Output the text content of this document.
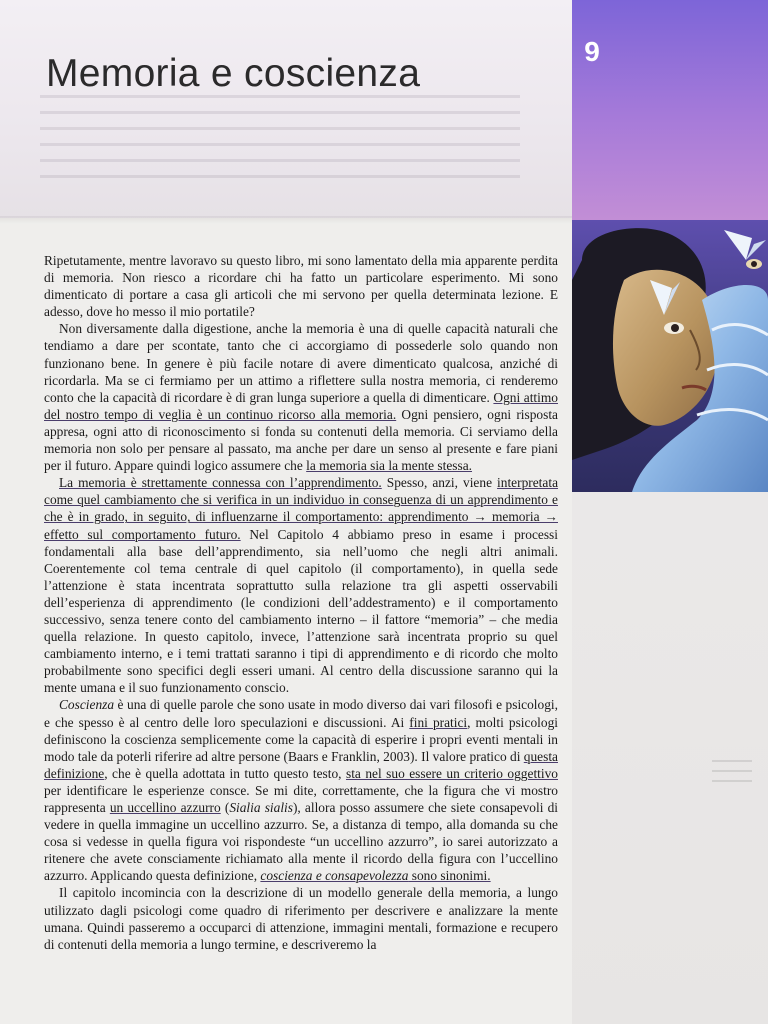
Memoria e coscienza
9

Ripetutamente, mentre lavoravo su questo libro, mi sono lamentato della mia apparente perdita di memoria. Non riesco a ricordare chi ha fatto un particolare esperimento. Mi sono dimenticato di portare a casa gli articoli che mi servono per quella determinata lezione. E adesso, dove ho messo il mio portatile?

Non diversamente dalla digestione, anche la memoria è una di quelle capacità naturali che tendiamo a dare per scontate, tanto che ci accorgiamo di possederle solo quando non funzionano bene. In genere è più facile notare di avere dimenticato qualcosa, anziché di ricordarla. Ma se ci fermiamo per un attimo a riflettere sulla nostra memoria, ci renderemo conto che la capacità di ricordare è di gran lunga superiore a quella di dimenticare. Ogni attimo del nostro tempo di veglia è un continuo ricorso alla memoria. Ogni pensiero, ogni risposta appresa, ogni atto di riconoscimento si fonda su contenuti della memoria. Ci serviamo della memoria non solo per pensare al passato, ma anche per dare un senso al presente e fare piani per il futuro. Appare quindi logico assumere che la memoria sia la mente stessa.

La memoria è strettamente connessa con l’apprendimento. Spesso, anzi, viene interpretata come quel cambiamento che si verifica in un individuo in conseguenza di un apprendimento e che è in grado, in seguito, di influenzarne il comportamento: apprendimento → memoria → effetto sul comportamento futuro. Nel Capitolo 4 abbiamo preso in esame i processi fondamentali alla base dell’apprendimento, sia nell’uomo che negli altri animali. Coerentemente col tema centrale di quel capitolo (il comportamento), in quella sede l’attenzione è stata incentrata soprattutto sulla relazione tra gli aspetti osservabili dell’esperienza di apprendimento (le condizioni dell’addestramento) e il comportamento successivo, senza tenere conto del cambiamento interno – il fattore “memoria” – che media quella relazione. In questo capitolo, invece, l’attenzione sarà incentrata proprio su quel cambiamento interno, e i temi trattati saranno i tipi di apprendimento e di ricordo che molto probabilmente sono specifici degli esseri umani. Al centro della discussione saranno qui la mente umana e il suo funzionamento conscio.

Coscienza è una di quelle parole che sono usate in modo diverso dai vari filosofi e psicologi, e che spesso è al centro delle loro speculazioni e discussioni. Ai fini pratici, molti psicologi definiscono la coscienza semplicemente come la capacità di esperire i propri eventi mentali in modo tale da poterli riferire ad altre persone (Baars e Franklin, 2003). Il valore pratico di questa definizione, che è quella adottata in tutto questo testo, sta nel suo essere un criterio oggettivo per identificare le esperienze consce. Se mi dite, correttamente, che la figura che vi mostro rappresenta un uccellino azzurro (Sialia sialis), allora posso assumere che siete consapevoli di vedere in quella immagine un uccellino azzurro. Se, a distanza di tempo, alla domanda su che cosa si vedesse in quella figura voi rispondeste “un uccellino azzurro”, io sarei autorizzato a ritenere che avete consciamente richiamato alla mente il ricordo della figura con l’uccellino azzurro. Applicando questa definizione, coscienza e consapevolezza sono sinonimi.

Il capitolo incomincia con la descrizione di un modello generale della memoria, a lungo utilizzato dagli psicologi come quadro di riferimento per descrivere e analizzare la mente umana. Quindi passeremo a occuparci di attenzione, immagini mentali, formazione e recupero di contenuti della memoria a lungo termine, e descriveremo la
